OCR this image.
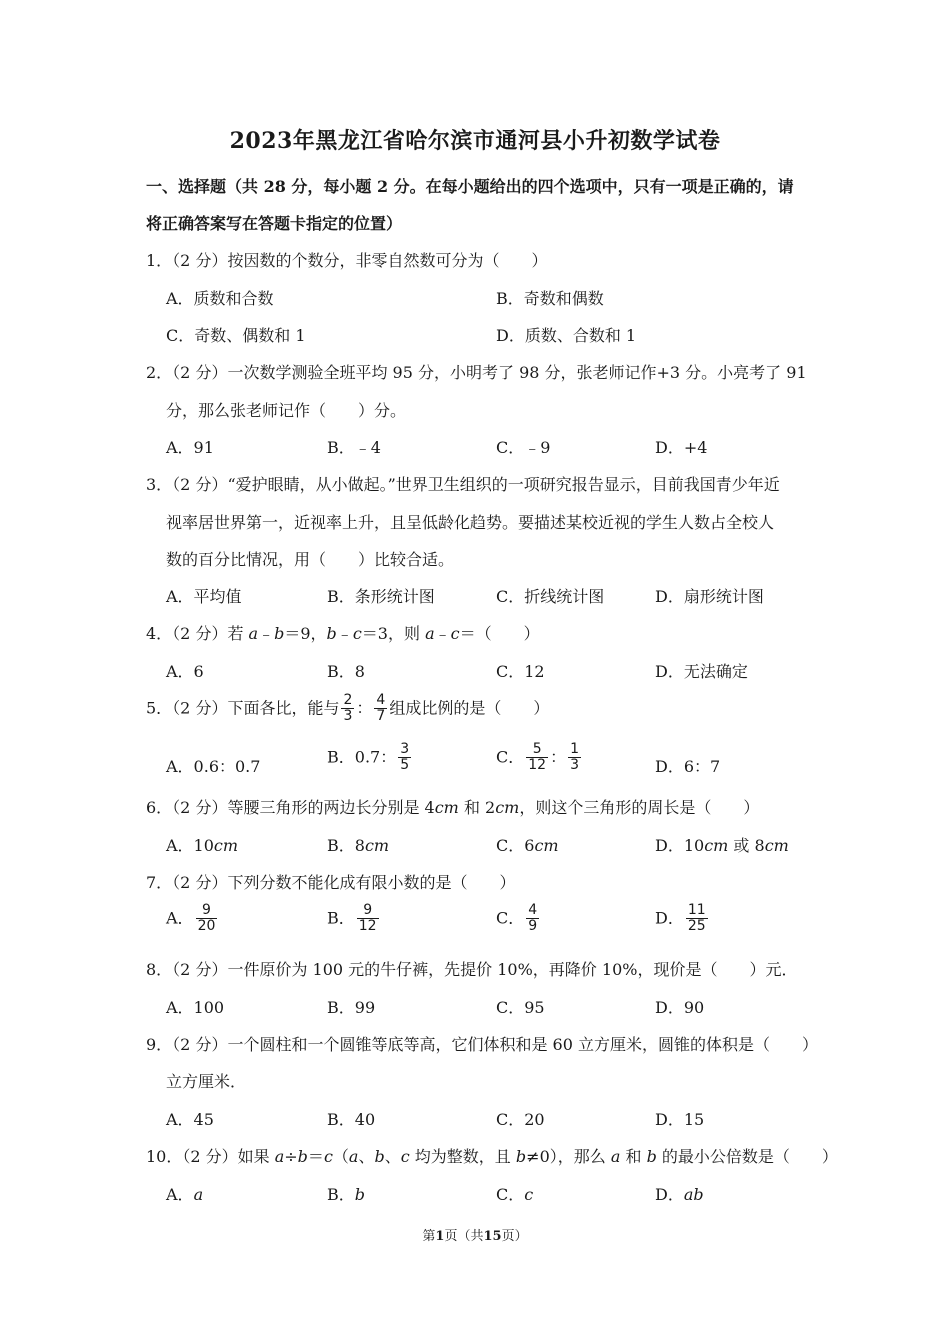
2023年黑龙江省哈尔滨市通河县小升初数学试卷
一、选择题（共 28 分，每小题 2 分。在每小题给出的四个选项中，只有一项是正确的，请
将正确答案写在答题卡指定的位置）
1．（2 分）按因数的个数分，非零自然数可分为（　　）
A．质数和合数	B．奇数和偶数
C．奇数、偶数和 1	D．质数、合数和 1
2．（2 分）一次数学测验全班平均 95 分，小明考了 98 分，张老师记作+3 分。小亮考了 91
分，那么张老师记作（　　）分。
A．91	B．﹣4	C．﹣9	D．+4
3．（2 分）“爱护眼睛，从小做起。”世界卫生组织的一项研究报告显示，目前我国青少年近
视率居世界第一，近视率上升，且呈低龄化趋势。要描述某校近视的学生人数占全校人
数的百分比情况，用（　　）比较合适。
A．平均值	B．条形统计图	C．折线统计图	D．扇形统计图
4．（2 分）若 a﹣b＝9，b﹣c＝3，则 a﹣c＝（　　）
A．6	B．8	C．12	D．无法确定
5．（2 分）下面各比，能与 $\frac{2}{3}$ ： $\frac{4}{7}$ 组成比例的是（　　）
A．0.6：0.7
B．0.7： $\frac{3}{5}$	C． $\frac{5}{12}$ ： $\frac{1}{3}$	D．6：7
6．（2 分）等腰三角形的两边长分别是 4cm 和 2cm，则这个三角形的周长是（　　）
A．10cm	B．8cm	C．6cm	D．10cm 或 8cm
7．（2 分）下列分数不能化成有限小数的是（　　）
A． $\frac{9}{20}$	B． $\frac{9}{12}$	C． $\frac{4}{9}$	D． $\frac{11}{25}$
8．（2 分）一件原价为 100 元的牛仔裤，先提价 10%，再降价 10%，现价是（　　）元．
A．100	B．99	C．95	D．90
9．（2 分）一个圆柱和一个圆锥等底等高，它们体积和是 60 立方厘米，圆锥的体积是（　　）
立方厘米．
A．45	B．40	C．20	D．15
10．（2 分）如果 a÷b＝c（a、b、c 均为整数，且 b≠0），那么 a 和 b 的最小公倍数是（　　）
A．a	B．b	C．c	D．ab
第1页（共15页）
